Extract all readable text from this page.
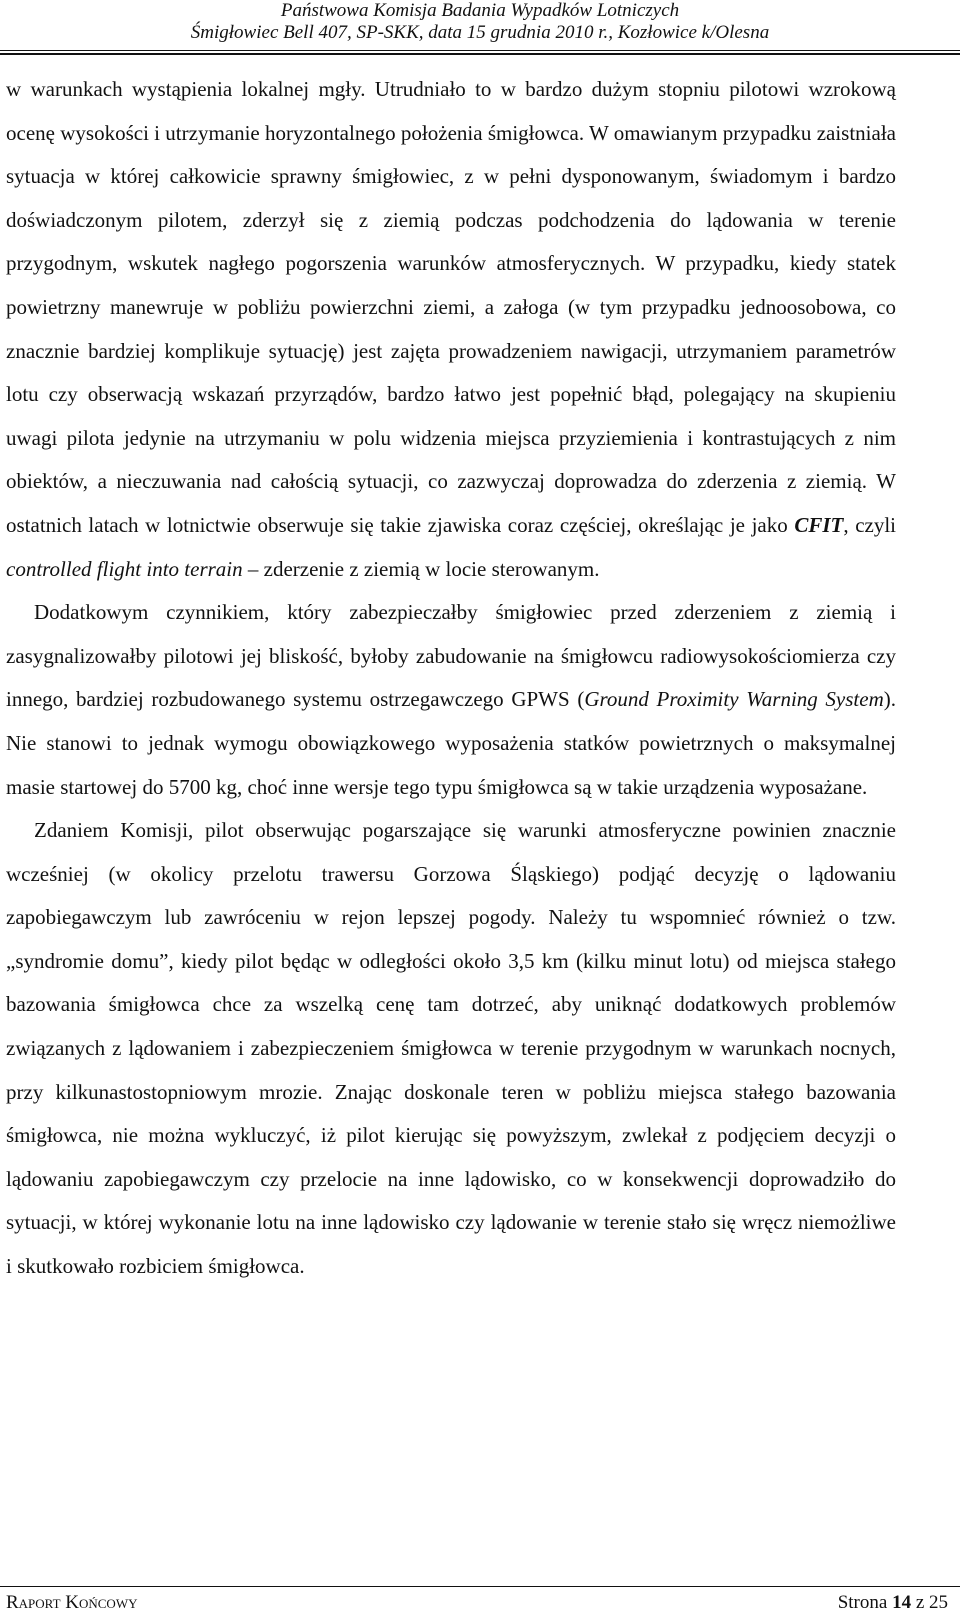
Państwowa Komisja Badania Wypadków Lotniczych
Śmigłowiec Bell 407, SP-SKK, data 15 grudnia 2010 r., Kozłowice k/Olesna

w warunkach wystąpienia lokalnej mgły. Utrudniało to w bardzo dużym stopniu pilotowi wzrokową ocenę wysokości i utrzymanie horyzontalnego położenia śmigłowca. W omawianym przypadku zaistniała sytuacja w której całkowicie sprawny śmigłowiec, z w pełni dysponowanym, świadomym i bardzo doświadczonym pilotem, zderzył się z ziemią podczas podchodzenia do lądowania w terenie przygodnym, wskutek nagłego pogorszenia warunków atmosferycznych. W przypadku, kiedy statek powietrzny manewruje w pobliżu powierzchni ziemi, a załoga (w tym przypadku jednoosobowa, co znacznie bardziej komplikuje sytuację) jest zajęta prowadzeniem nawigacji, utrzymaniem parametrów lotu czy obserwacją wskazań przyrządów, bardzo łatwo jest popełnić błąd, polegający na skupieniu uwagi pilota jedynie na utrzymaniu w polu widzenia miejsca przyziemienia i kontrastujących z nim obiektów, a nieczuwania nad całością sytuacji, co zazwyczaj doprowadza do zderzenia z ziemią. W ostatnich latach w lotnictwie obserwuje się takie zjawiska coraz częściej, określając je jako CFIT, czyli controlled flight into terrain – zderzenie z ziemią w locie sterowanym.

Dodatkowym czynnikiem, który zabezpieczałby śmigłowiec przed zderzeniem z ziemią i zasygnalizowałby pilotowi jej bliskość, byłoby zabudowanie na śmigłowcu radiowysokościomierza czy innego, bardziej rozbudowanego systemu ostrzegawczego GPWS (Ground Proximity Warning System). Nie stanowi to jednak wymogu obowiązkowego wyposażenia statków powietrznych o maksymalnej masie startowej do 5700 kg, choć inne wersje tego typu śmigłowca są w takie urządzenia wyposażane.

Zdaniem Komisji, pilot obserwując pogarszające się warunki atmosferyczne powinien znacznie wcześniej (w okolicy przelotu trawersu Gorzowa Śląskiego) podjąć decyzję o lądowaniu zapobiegawczym lub zawróceniu w rejon lepszej pogody. Należy tu wspomnieć również o tzw. „syndromie domu”, kiedy pilot będąc w odległości około 3,5 km (kilku minut lotu) od miejsca stałego bazowania śmigłowca chce za wszelką cenę tam dotrzeć, aby uniknąć dodatkowych problemów związanych z lądowaniem i zabezpieczeniem śmigłowca w terenie przygodnym w warunkach nocnych, przy kilkunastostopniowym mrozie. Znając doskonale teren w pobliżu miejsca stałego bazowania śmigłowca, nie można wykluczyć, iż pilot kierując się powyższym, zwlekał z podjęciem decyzji o lądowaniu zapobiegawczym czy przelocie na inne lądowisko, co w konsekwencji doprowadziło do sytuacji, w której wykonanie lotu na inne lądowisko czy lądowanie w terenie stało się wręcz niemożliwe i skutkowało rozbiciem śmigłowca.

Raport Końcowy	Strona 14 z 25
